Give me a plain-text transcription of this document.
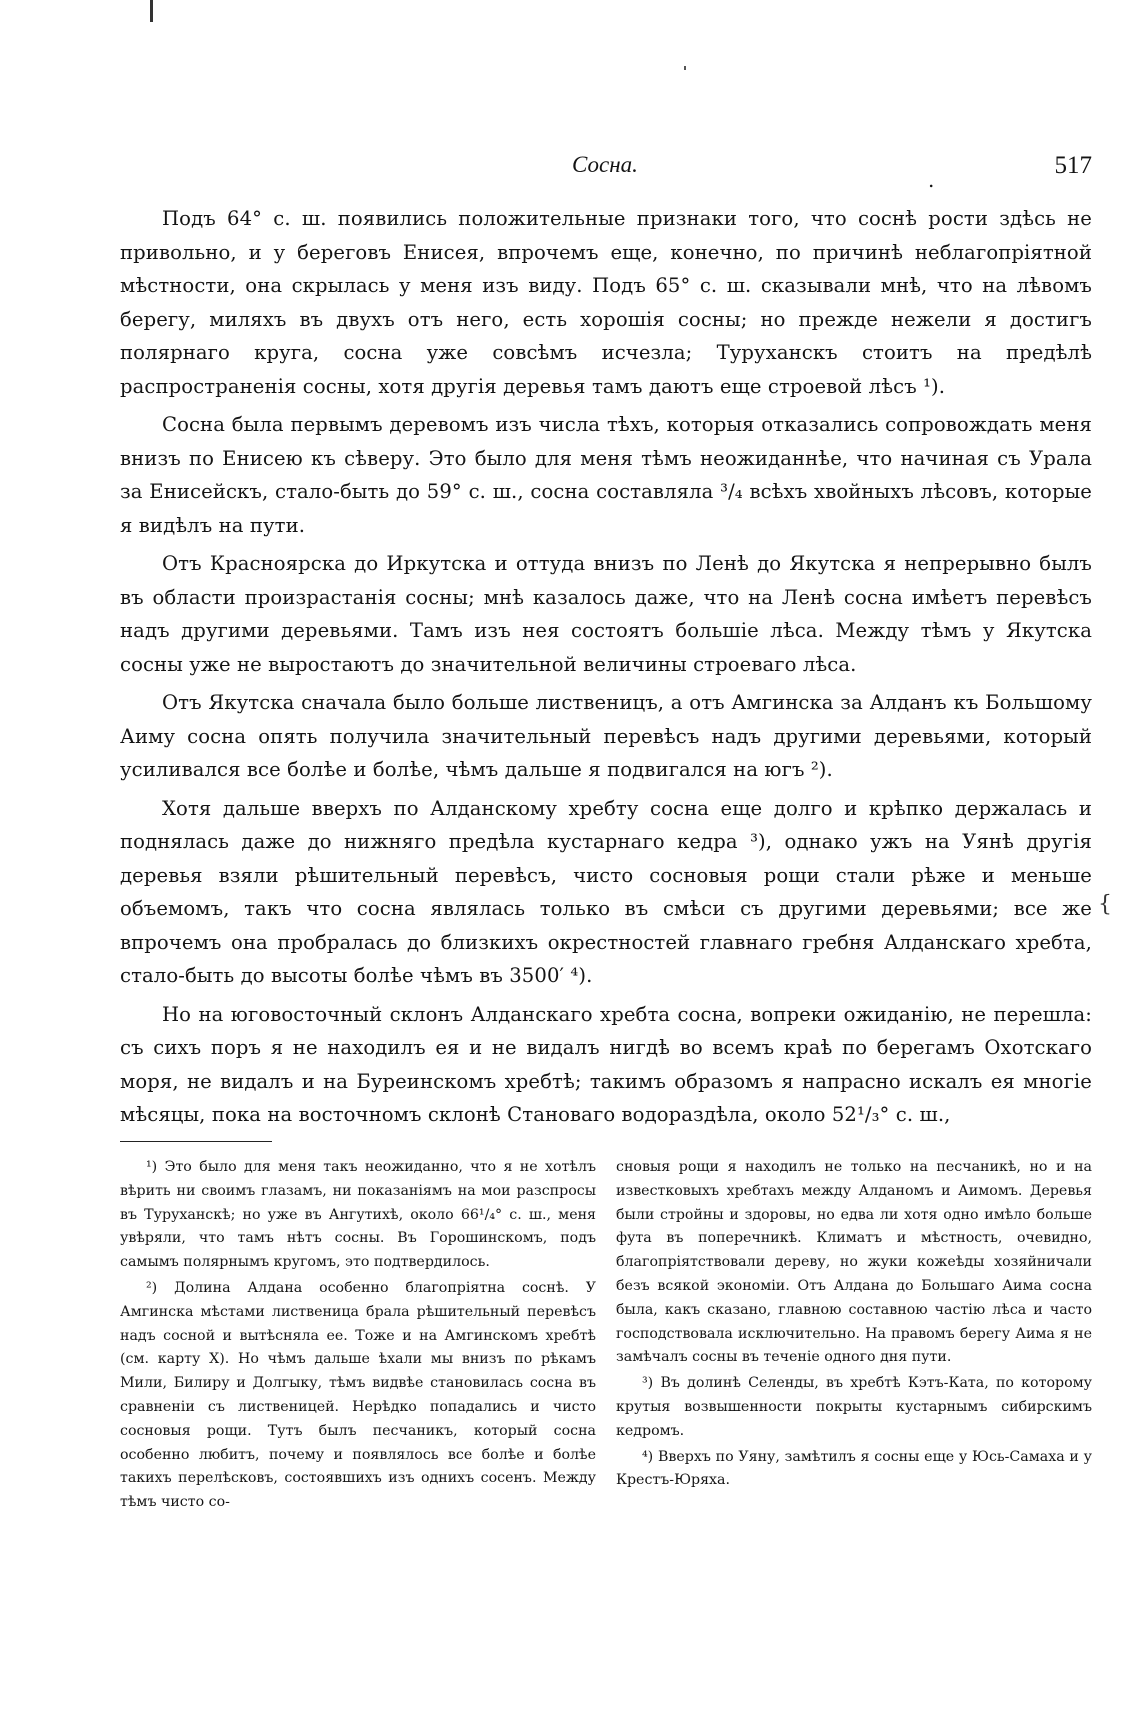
Сосна.
.
517

Подъ 64° с. ш. появились положительные признаки того, что соснѣ рости здѣсь не привольно, и у береговъ Енисея, впрочемъ еще, конечно, по причинѣ неблагопріятной мѣстности, она скрылась у меня изъ виду. Подъ 65° с. ш. сказывали мнѣ, что на лѣвомъ берегу, миляхъ въ двухъ отъ него, есть хорошія сосны; но прежде нежели я достигъ полярнаго круга, сосна уже совсѣмъ исчезла; Туруханскъ стоитъ на предѣлѣ распространенія сосны, хотя другія деревья тамъ даютъ еще строевой лѣсъ ¹).

Сосна была первымъ деревомъ изъ числа тѣхъ, которыя отказались сопровождать меня внизъ по Енисею къ сѣверу. Это было для меня тѣмъ неожиданнѣе, что начиная съ Урала за Енисейскъ, стало-быть до 59° с. ш., сосна составляла ³/₄ всѣхъ хвойныхъ лѣсовъ, которые я видѣлъ на пути.

Отъ Красноярска до Иркутска и оттуда внизъ по Ленѣ до Якутска я непрерывно былъ въ области произрастанія сосны; мнѣ казалось даже, что на Ленѣ сосна имѣетъ перевѣсъ надъ другими деревьями. Тамъ изъ нея состоятъ большіе лѣса. Между тѣмъ у Якутска сосны уже не выростаютъ до значительной величины строеваго лѣса.

Отъ Якутска сначала было больше лиственицъ, а отъ Амгинска за Алданъ къ Большому Аиму сосна опять получила значительный перевѣсъ надъ другими деревьями, который усиливался все болѣе и болѣе, чѣмъ дальше я подвигался на югъ ²).

Хотя дальше вверхъ по Алданскому хребту сосна еще долго и крѣпко держалась и поднялась даже до нижняго предѣла кустарнаго кедра ³), однако ужъ на Уянѣ другія деревья взяли рѣшительный перевѣсъ, чисто сосновыя рощи стали рѣже и меньше объемомъ, такъ что сосна являлась только въ смѣси съ другими деревьями; все же впрочемъ она пробралась до близкихъ окрестностей главнаго гребня Алданскаго хребта, стало-быть до высоты болѣе чѣмъ въ 3500′ ⁴).

Но на юговосточный склонъ Алданскаго хребта сосна, вопреки ожиданію, не перешла: съ сихъ поръ я не находилъ ея и не видалъ нигдѣ во всемъ краѣ по берегамъ Охотскаго моря, не видалъ и на Буреинскомъ хребтѣ; такимъ образомъ я напрасно искалъ ея многіе мѣсяцы, пока на восточномъ склонѣ Становаго водораздѣла, около 52¹/₃° с. ш.,

{

¹) Это было для меня такъ неожиданно, что я не хотѣлъ вѣрить ни своимъ глазамъ, ни показаніямъ на мои разспросы въ Туруханскѣ; но уже въ Ангутихѣ, около 66¹/₄° с. ш., меня увѣряли, что тамъ нѣтъ сосны. Въ Горошинскомъ, подъ самымъ полярнымъ кругомъ, это подтвердилось.

²) Долина Алдана особенно благопріятна соснѣ. У Амгинска мѣстами лиственица брала рѣшительный перевѣсъ надъ сосной и вытѣсняла ее. Тоже и на Амгинскомъ хребтѣ (см. карту X). Но чѣмъ дальше ѣхали мы внизъ по рѣкамъ Мили, Билиру и Долгыку, тѣмъ видвѣе становилась сосна въ сравненіи съ лиственицей. Нерѣдко попадались и чисто сосновыя рощи. Тутъ былъ песчаникъ, который сосна особенно любитъ, почему и появлялось все болѣе и болѣе такихъ перелѣсковъ, состоявшихъ изъ однихъ сосенъ. Между тѣмъ чисто со-

сновыя рощи я находилъ не только на песчаникѣ, но и на известковыхъ хребтахъ между Алданомъ и Аимомъ. Деревья были стройны и здоровы, но едва ли хотя одно имѣло больше фута въ поперечникѣ. Климатъ и мѣстность, очевидно, благопріятствовали дереву, но жуки кожеѣды хозяйничали безъ всякой экономіи. Отъ Алдана до Большаго Аима сосна была, какъ сказано, главною составною частію лѣса и часто господствовала исключительно. На правомъ берегу Аима я не замѣчалъ сосны въ теченіе одного дня пути.

³) Въ долинѣ Селенды, въ хребтѣ Кэтъ-Ката, по которому крутыя возвышенности покрыты кустарнымъ сибирскимъ кедромъ.

⁴) Вверхъ по Уяну, замѣтилъ я сосны еще у Юсь-Самаха и у Крестъ-Юряха.
